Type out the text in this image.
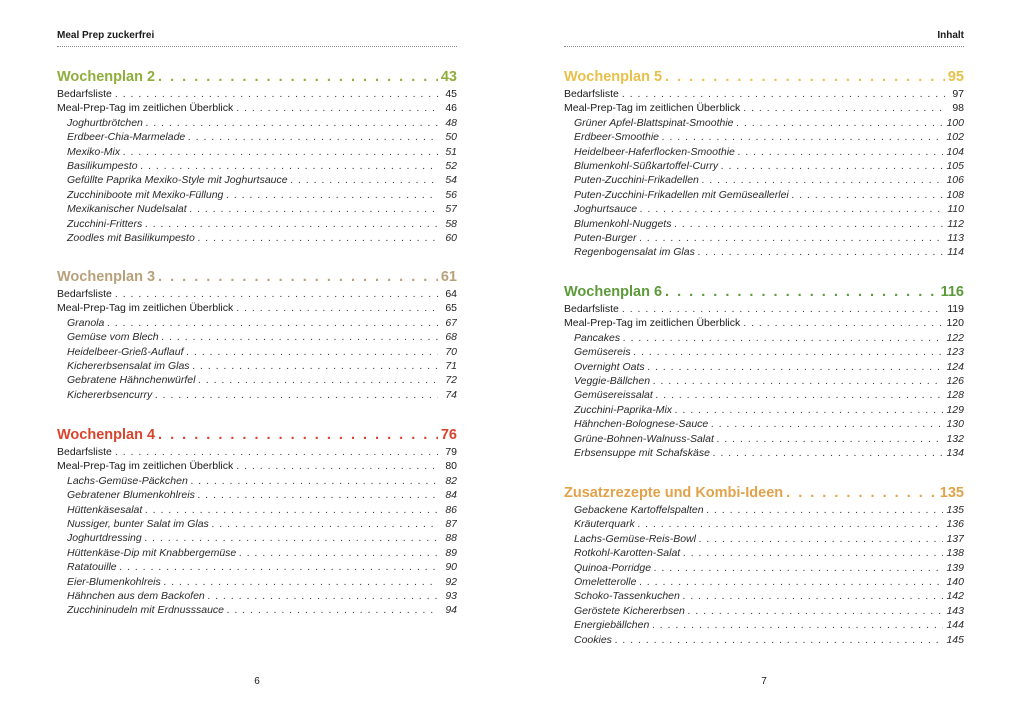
Meal Prep zuckerfrei
Wochenplan 2 . . .	43
Bedarfsliste . . .	45
Meal-Prep-Tag im zeitlichen Überblick . . .	46
Joghurtbrötchen . . .	48
Erdbeer-Chia-Marmelade . . .	50
Mexiko-Mix . . .	51
Basilikumpesto . . .	52
Gefüllte Paprika Mexiko-Style mit Joghurtsauce . . .	54
Zucchiniboote mit Mexiko-Füllung . . .	56
Mexikanischer Nudelsalat . . .	57
Zucchini-Fritters . . .	58
Zoodles mit Basilikumpesto . . .	60
Wochenplan 3 . . .	61
Bedarfsliste . . .	64
Meal-Prep-Tag im zeitlichen Überblick . . .	65
Granola . . .	67
Gemüse vom Blech . . .	68
Heidelbeer-Grieß-Auflauf . . .	70
Kichererbsensalat im Glas . . .	71
Gebratene Hähnchenwürfel . . .	72
Kichererbsencurry . . .	74
Wochenplan 4 . . .	76
Bedarfsliste . . .	79
Meal-Prep-Tag im zeitlichen Überblick . . .	80
Lachs-Gemüse-Päckchen . . .	82
Gebratener Blumenkohlreis . . .	84
Hüttenkäsesalat . . .	86
Nussiger, bunter Salat im Glas . . .	87
Joghurtdressing . . .	88
Hüttenkäse-Dip mit Knabbergemüse . . .	89
Ratatouille . . .	90
Eier-Blumenkohlreis . . .	92
Hähnchen aus dem Backofen . . .	93
Zucchininudeln mit Erdnusssauce . . .	94
6
Inhalt
Wochenplan 5 . . .	95
Bedarfsliste . . .	97
Meal-Prep-Tag im zeitlichen Überblick . . .	98
Grüner Apfel-Blattspinat-Smoothie . . .	100
Erdbeer-Smoothie . . .	102
Heidelbeer-Haferflocken-Smoothie . . .	104
Blumenkohl-Süßkartoffel-Curry . . .	105
Puten-Zucchini-Frikadellen . . .	106
Puten-Zucchini-Frikadellen mit Gemüseallerlei . . .	108
Joghurtsauce . . .	110
Blumenkohl-Nuggets . . .	112
Puten-Burger . . .	113
Regenbogensalat im Glas . . .	114
Wochenplan 6 . . .	116
Bedarfsliste . . .	119
Meal-Prep-Tag im zeitlichen Überblick . . .	120
Pancakes . . .	122
Gemüsereis . . .	123
Overnight Oats . . .	124
Veggie-Bällchen . . .	126
Gemüsereissalat . . .	128
Zucchini-Paprika-Mix . . .	129
Hähnchen-Bolognese-Sauce . . .	130
Grüne-Bohnen-Walnuss-Salat . . .	132
Erbsensuppe mit Schafskäse . . .	134
Zusatzrezepte und Kombi-Ideen . . .	135
Gebackene Kartoffelspalten . . .	135
Kräuterquark . . .	136
Lachs-Gemüse-Reis-Bowl . . .	137
Rotkohl-Karotten-Salat . . .	138
Quinoa-Porridge . . .	139
Omeletterolle . . .	140
Schoko-Tassenkuchen . . .	142
Geröstete Kichererbsen . . .	143
Energiebällchen . . .	144
Cookies . . .	145
7
